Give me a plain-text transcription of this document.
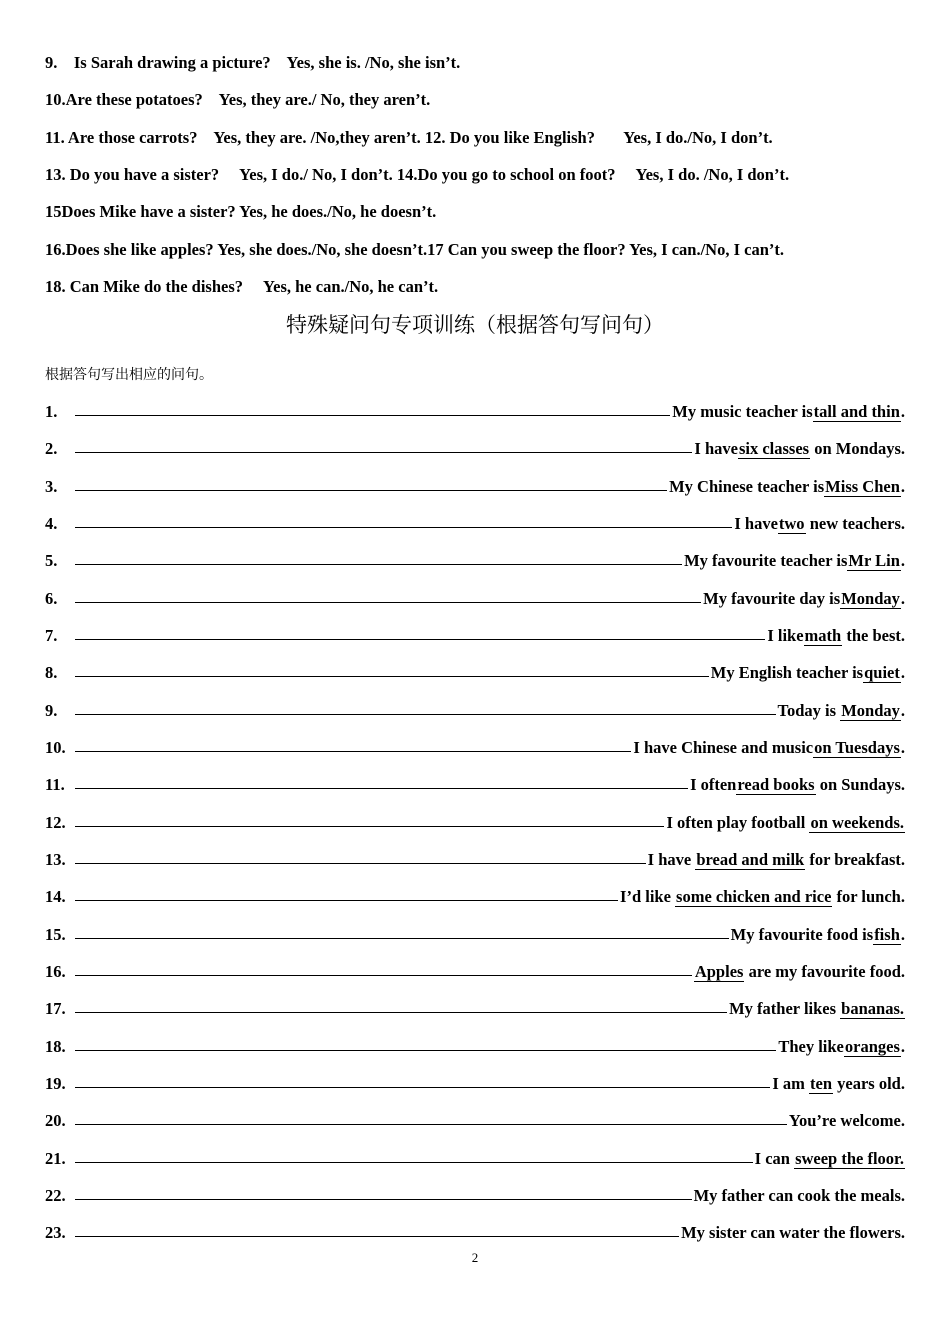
9.    Is Sarah drawing a picture?    Yes, she is. /No, she isn’t.
10.Are these potatoes?    Yes, they are./ No, they aren’t.
11. Are those carrots?    Yes, they are. /No,they aren’t. 12. Do you like English?       Yes, I do./No, I don’t.
13. Do you have a sister?     Yes, I do./ No, I don’t. 14.Do you go to school on foot?     Yes, I do. /No, I don’t.
15Does Mike have a sister? Yes, he does./No, he doesn’t.
16.Does she like apples? Yes, she does./No, she doesn’t.17 Can you sweep the floor? Yes, I can./No, I can’t.
18. Can Mike do the dishes?     Yes, he can./No, he can’t.
特殊疑问句专项训练（根据答句写问句）
根据答句写出相应的问句。
1.	My music teacher istall and thin.
2.	I havesix classes on Mondays.
3.	My Chinese teacher isMiss Chen.
4.	I havetwo new teachers.
5.	My favourite teacher isMr Lin.
6.	My favourite day isMonday.
7.	I likemath the best.
8.	My English teacher isquiet.
9.	Today is Monday.
10.	I have Chinese and musicon Tuesdays.
11.	I oftenread books on Sundays.
12.	I often play football on weekends.
13.	I have bread and milk for breakfast.
14.	I’d like some chicken and rice for lunch.
15.	My favourite food isfish.
16.	Apples are my favourite food.
17.	My father likes bananas.
18.	They likeoranges.
19.	I am ten years old.
20.	You’re welcome.
21.	I can sweep the floor.
22.	My father can cook the meals.
23.	My sister can water the flowers.
2
